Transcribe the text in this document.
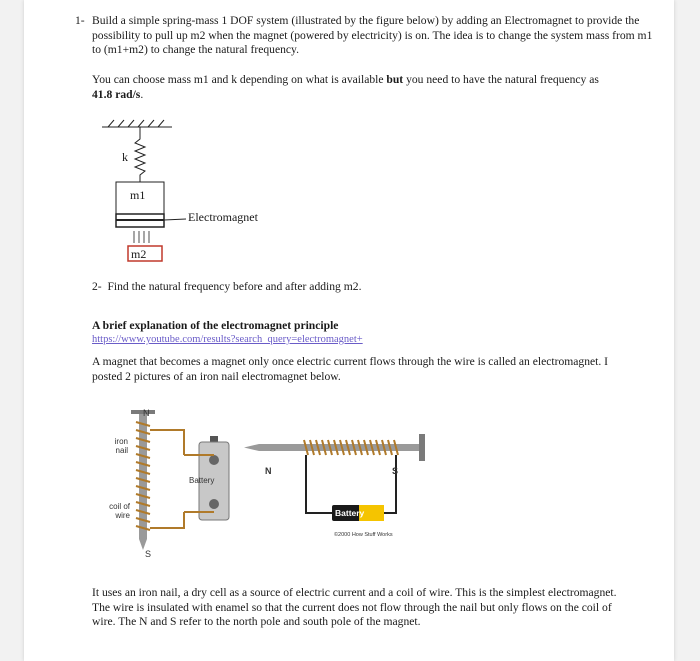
1- Build a simple spring-mass 1 DOF system (illustrated by the figure below) by adding an Electromagnet to provide the possibility to pull up m2 when the magnet (powered by electricity) is on. The idea is to change the system mass from m1 to (m1+m2) to change the natural frequency.
You can choose mass m1 and k depending on what is available but you need to have the natural frequency as 41.8 rad/s.
k
m1
m2
Electromagnet
2- Find the natural frequency before and after adding m2.
A brief explanation of the electromagnet principle
https://www.youtube.com/results?search_query=electromagnet+
A magnet that becomes a magnet only once electric current flows through the wire is called an electromagnet. I posted 2 pictures of an iron nail electromagnet below.
–
+
N
S
iron nail
coil of wire
Battery
N	S
Battery
©2000 How Stuff Works
It uses an iron nail, a dry cell as a source of electric current and a coil of wire. This is the simplest electromagnet. The wire is insulated with enamel so that the current does not flow through the nail but only flows on the coil of wire. The N and S refer to the north pole and south pole of the magnet.
